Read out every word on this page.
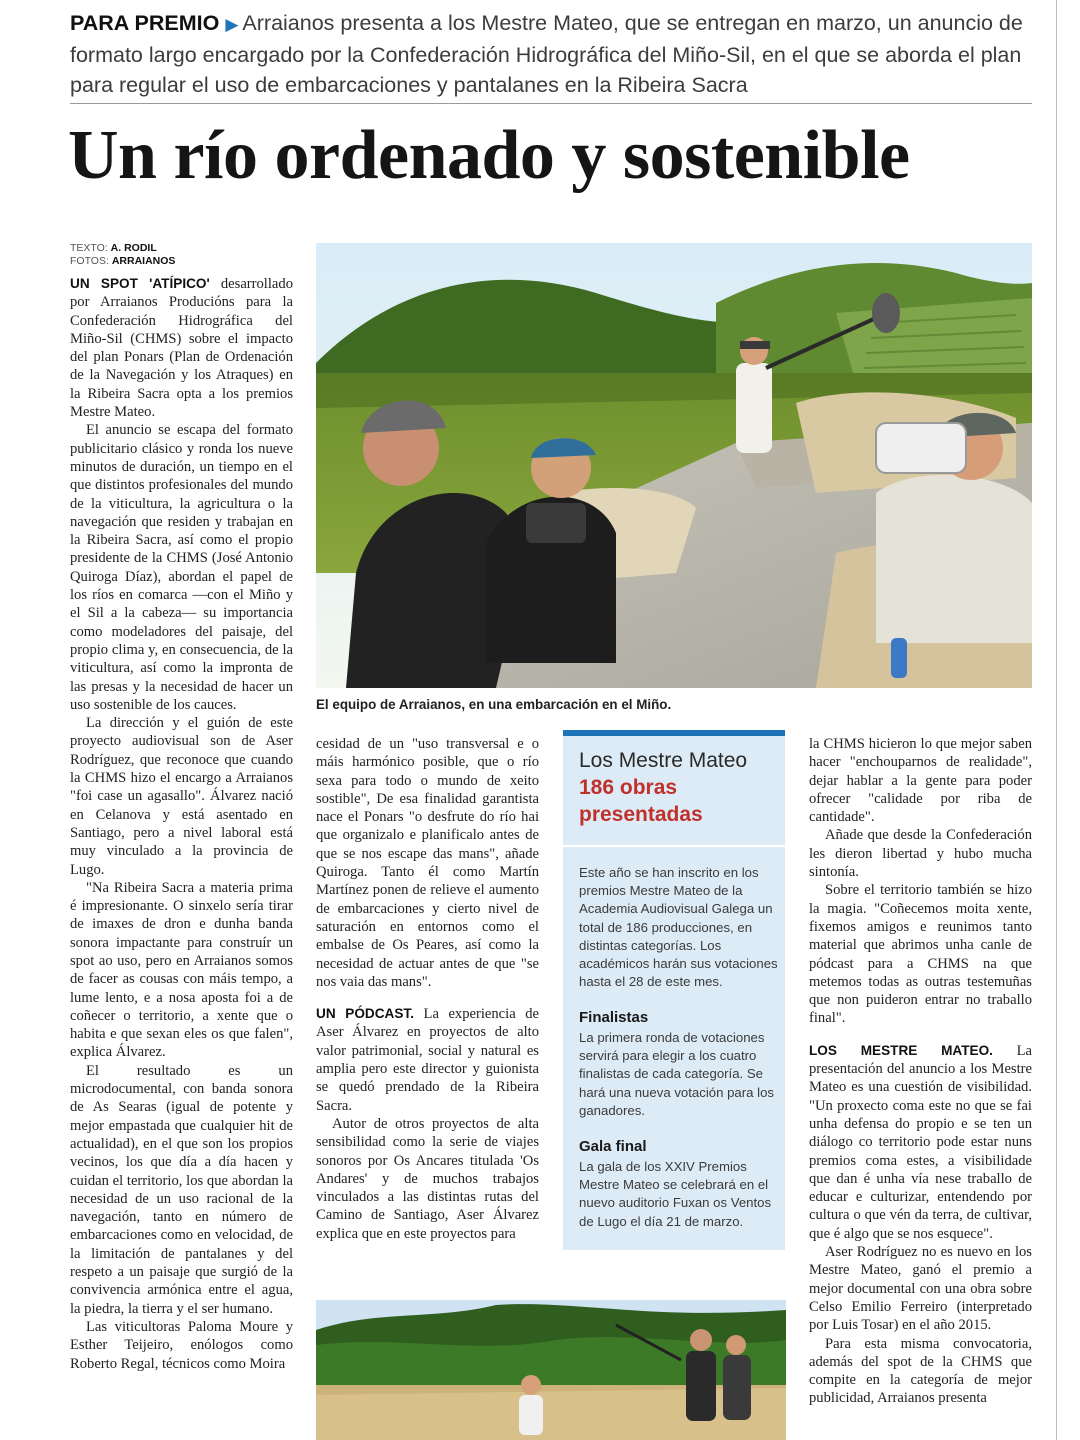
PARA PREMIO ▶ Arraianos presenta a los Mestre Mateo, que se entregan en marzo, un anuncio de formato largo encargado por la Confederación Hidrográfica del Miño-Sil, en el que se aborda el plan para regular el uso de embarcaciones y pantalanes en la Ribeira Sacra
Un río ordenado y sostenible
TEXTO: A. RODIL
FOTOS: ARRAIANOS

UN SPOT 'ATÍPICO' desarrollado por Arraianos Producións para la Confederación Hidrográfica del Miño-Sil (CHMS) sobre el impacto del plan Ponars (Plan de Ordenación de la Navegación y los Atraques) en la Ribeira Sacra opta a los premios Mestre Mateo.

El anuncio se escapa del formato publicitario clásico y ronda los nueve minutos de duración, un tiempo en el que distintos profesionales del mundo de la viticultura, la agricultura o la navegación que residen y trabajan en la Ribeira Sacra, así como el propio presidente de la CHMS (José Antonio Quiroga Díaz), abordan el papel de los ríos en comarca —con el Miño y el Sil a la cabeza— su importancia como modeladores del paisaje, del propio clima y, en consecuencia, de la viticultura, así como la impronta de las presas y la necesidad de hacer un uso sostenible de los cauces.

La dirección y el guión de este proyecto audiovisual son de Aser Rodríguez, que reconoce que cuando la CHMS hizo el encargo a Arraianos "foi case un agasallo". Álvarez nació en Celanova y está asentado en Santiago, pero a nivel laboral está muy vinculado a la provincia de Lugo.

"Na Ribeira Sacra a materia prima é impresionante. O sinxelo sería tirar de imaxes de dron e dunha banda sonora impactante para construír un spot ao uso, pero en Arraianos somos de facer as cousas con máis tempo, a lume lento, e a nosa aposta foi a de coñecer o territorio, a xente que o habita e que sexan eles os que falen", explica Álvarez.

El resultado es un microdocumental, con banda sonora de As Searas (igual de potente y mejor empastada que cualquier hit de actualidad), en el que son los propios vecinos, los que día a día hacen y cuidan el territorio, los que abordan la necesidad de un uso racional de la navegación, tanto en número de embarcaciones como en velocidad, de la limitación de pantalanes y del respeto a un paisaje que surgió de la convivencia armónica entre el agua, la piedra, la tierra y el ser humano.

Las viticultoras Paloma Moure y Esther Teijeiro, enólogos como Roberto Regal, técnicos como Moira

El equipo de Arraianos, en una embarcación en el Miño.

cesidad de un "uso transversal e o máis harmónico posible, que o río sexa para todo o mundo de xeito sostible", De esa finalidad garantista nace el Ponars "o desfrute do río hai que organizalo e planificalo antes de que se nos escape das mans", añade Quiroga. Tanto él como Martín Martínez ponen de relieve el aumento de embarcaciones y cierto nivel de saturación en entornos como el embalse de Os Peares, así como la necesidad de actuar antes de que "se nos vaia das mans".

UN PÓDCAST. La experiencia de Aser Álvarez en proyectos de alto valor patrimonial, social y natural es amplia pero este director y guionista se quedó prendado de la Ribeira Sacra.

Autor de otros proyectos de alta sensibilidad como la serie de viajes sonoros por Os Ancares titulada 'Os Andares' y de muchos trabajos vinculados a las distintas rutas del Camino de Santiago, Aser Álvarez explica que en este proyectos para

Los Mestre Mateo
186 obras presentadas
Este año se han inscrito en los premios Mestre Mateo de la Academia Audiovisual Galega un total de 186 producciones, en distintas categorías. Los académicos harán sus votaciones hasta el 28 de este mes.
Finalistas
La primera ronda de votaciones servirá para elegir a los cuatro finalistas de cada categoría. Se hará una nueva votación para los ganadores.
Gala final
La gala de los XXIV Premios Mestre Mateo se celebrará en el nuevo auditorio Fuxan os Ventos de Lugo el día 21 de marzo.

la CHMS hicieron lo que mejor saben hacer "enchouparnos de realidade", dejar hablar a la gente para poder ofrecer "calidade por riba de cantidade".

Añade que desde la Confederación les dieron libertad y hubo mucha sintonía.

Sobre el territorio también se hizo la magia. "Coñecemos moita xente, fixemos amigos e reunimos tanto material que abrimos unha canle de pódcast para a CHMS na que metemos todas as outras testemuñas que non puideron entrar no traballo final".

LOS MESTRE MATEO. La presentación del anuncio a los Mestre Mateo es una cuestión de visibilidad. "Un proxecto coma este no que se fai unha defensa do propio e se ten un diálogo co territorio pode estar nuns premios coma estes, a visibilidade que dan é unha vía nese traballo de educar e culturizar, entendendo por cultura o que vén da terra, de cultivar, que é algo que se nos esquece".

Aser Rodríguez no es nuevo en los Mestre Mateo, ganó el premio a mejor documental con una obra sobre Celso Emilio Ferreiro (interpretado por Luis Tosar) en el año 2015.

Para esta misma convocatoria, además del spot de la CHMS que compite en la categoría de mejor publicidad, Arraianos presenta
